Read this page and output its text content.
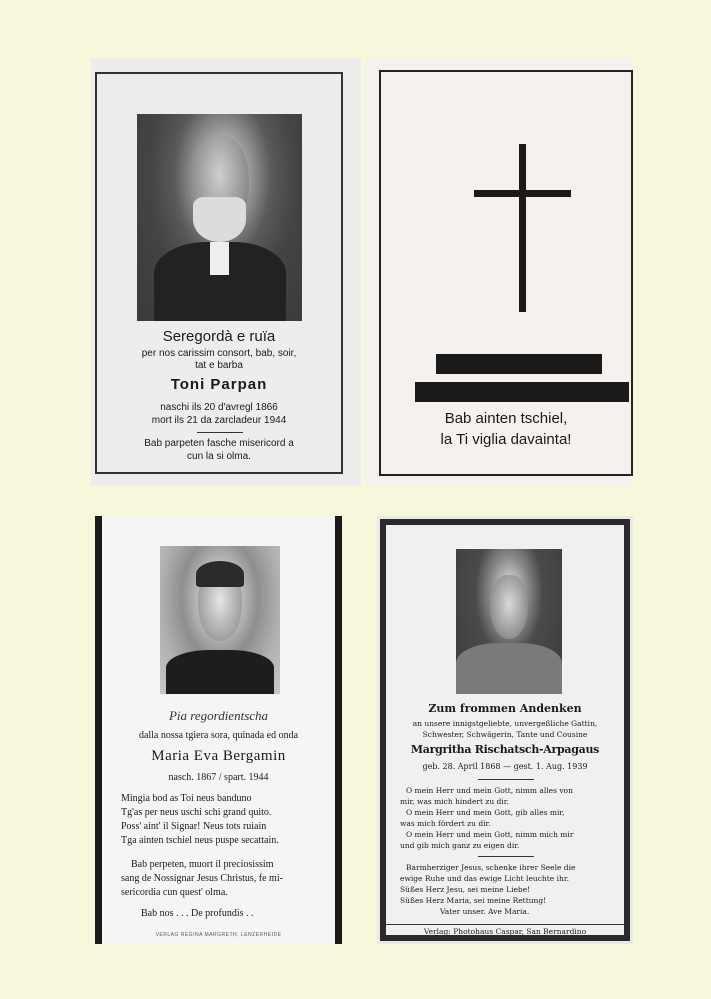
Seregordà e ruïa
per nos carissim consort, bab, soir,
tat e barba
Toni Parpan
naschi ils 20 d'avregl 1866
mort ils 21 da zarcladeur 1944
Bab parpeten fasche misericord a
cun la si olma.
Bab ainten tschiel,
la Ti viglia davainta!
Pia regordientscha
dalla nossa tgiera sora, quinada ed onda
Maria Eva Bergamin
nasch. 1867 / spart. 1944
Mingia bod as Toi neus banduno
Tg'as per neus uschi schi grand quito.
Poss' aint' il Signar! Neus tots ruiain
Tga ainten tschiel neus puspe secattain.
Bab perpeten, muort il preciosissim
sang de Nossignar Jesus Christus, fe mi-
sericordia cun quest' olma.
Bab nos . . . De profundis . .
VERLAG REGINA MARGRETH, LENZERHEIDE
Zum frommen Andenken
an unsere innigstgeliebte, unvergeßliche Gattin,
Schwester, Schwägerin, Tante und Cousine
Margritha Rischatsch-Arpagaus
geb. 28. April 1868 — gest. 1. Aug. 1939
O mein Herr und mein Gott, nimm alles von
mir, was mich hindert zu dir.
O mein Herr und mein Gott, gib alles mir,
was mich fördert zu dir.
O mein Herr und mein Gott, nimm mich mir
und gib mich ganz zu eigen dir.
Barmherziger Jesus, schenke ihrer Seele die
ewige Ruhe und das ewige Licht leuchte ihr.
Süßes Herz Jesu, sei meine Liebe!
Süßes Herz Maria, sei meine Rettung!
Vater unser. Ave Maria.
Verlag: Photohaus Caspar, San Bernardino
